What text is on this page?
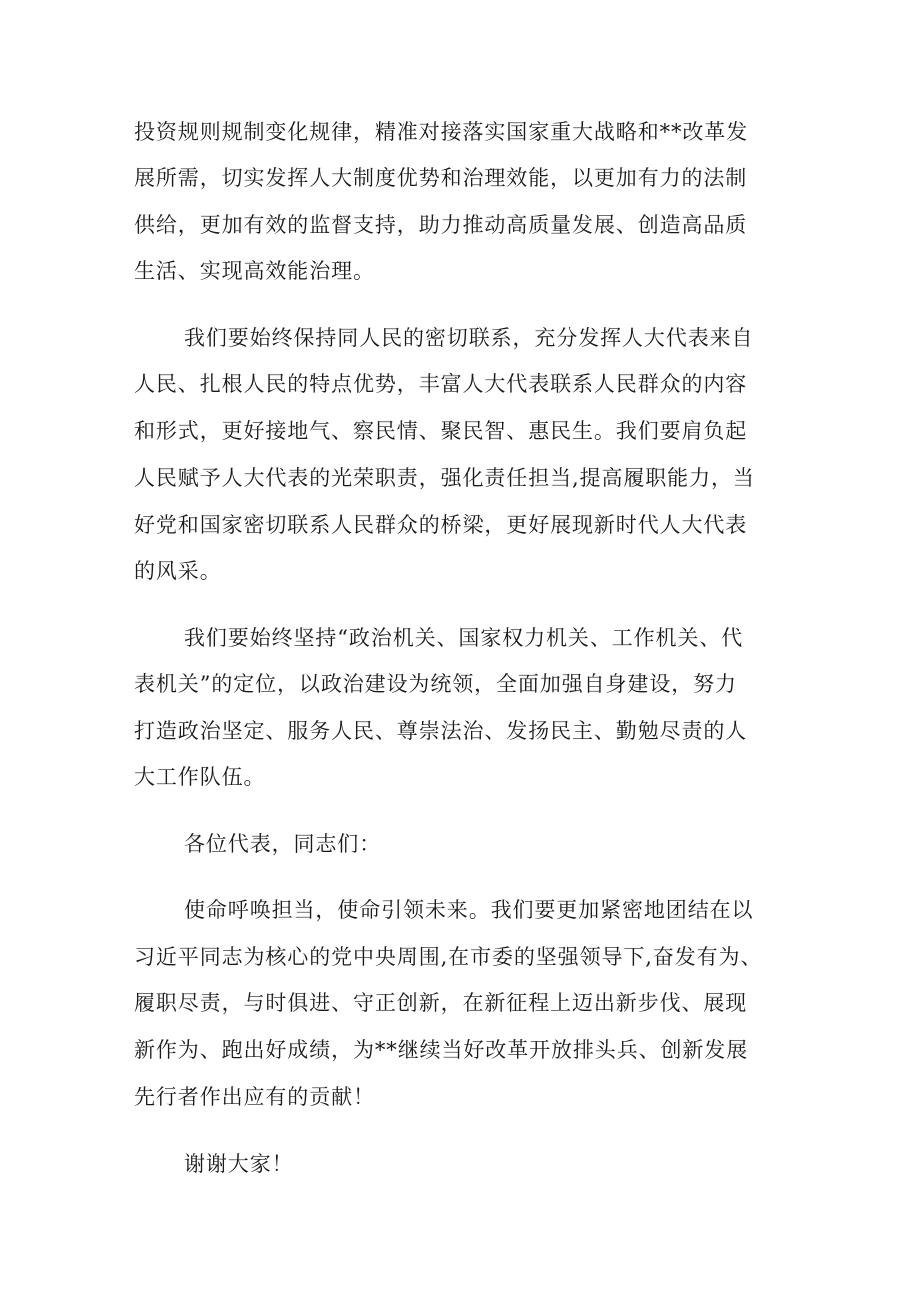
投资规则规制变化规律，精准对接落实国家重大战略和**改革发
展所需，切实发挥人大制度优势和治理效能，以更加有力的法制
供给，更加有效的监督支持，助力推动高质量发展、创造高品质
生活、实现高效能治理。
我们要始终保持同人民的密切联系，充分发挥人大代表来自
人民、扎根人民的特点优势，丰富人大代表联系人民群众的内容
和形式，更好接地气、察民情、聚民智、惠民生。我们要肩负起
人民赋予人大代表的光荣职责，强化责任担当,提高履职能力，当
好党和国家密切联系人民群众的桥梁，更好展现新时代人大代表
的风采。
我们要始终坚持“政治机关、国家权力机关、工作机关、代
表机关”的定位，以政治建设为统领，全面加强自身建设，努力
打造政治坚定、服务人民、尊崇法治、发扬民主、勤勉尽责的人
大工作队伍。
各位代表，同志们：
使命呼唤担当，使命引领未来。我们要更加紧密地团结在以
习近平同志为核心的党中央周围,在市委的坚强领导下,奋发有为、
履职尽责，与时俱进、守正创新，在新征程上迈出新步伐、展现
新作为、跑出好成绩，为**继续当好改革开放排头兵、创新发展
先行者作出应有的贡献！
谢谢大家！
